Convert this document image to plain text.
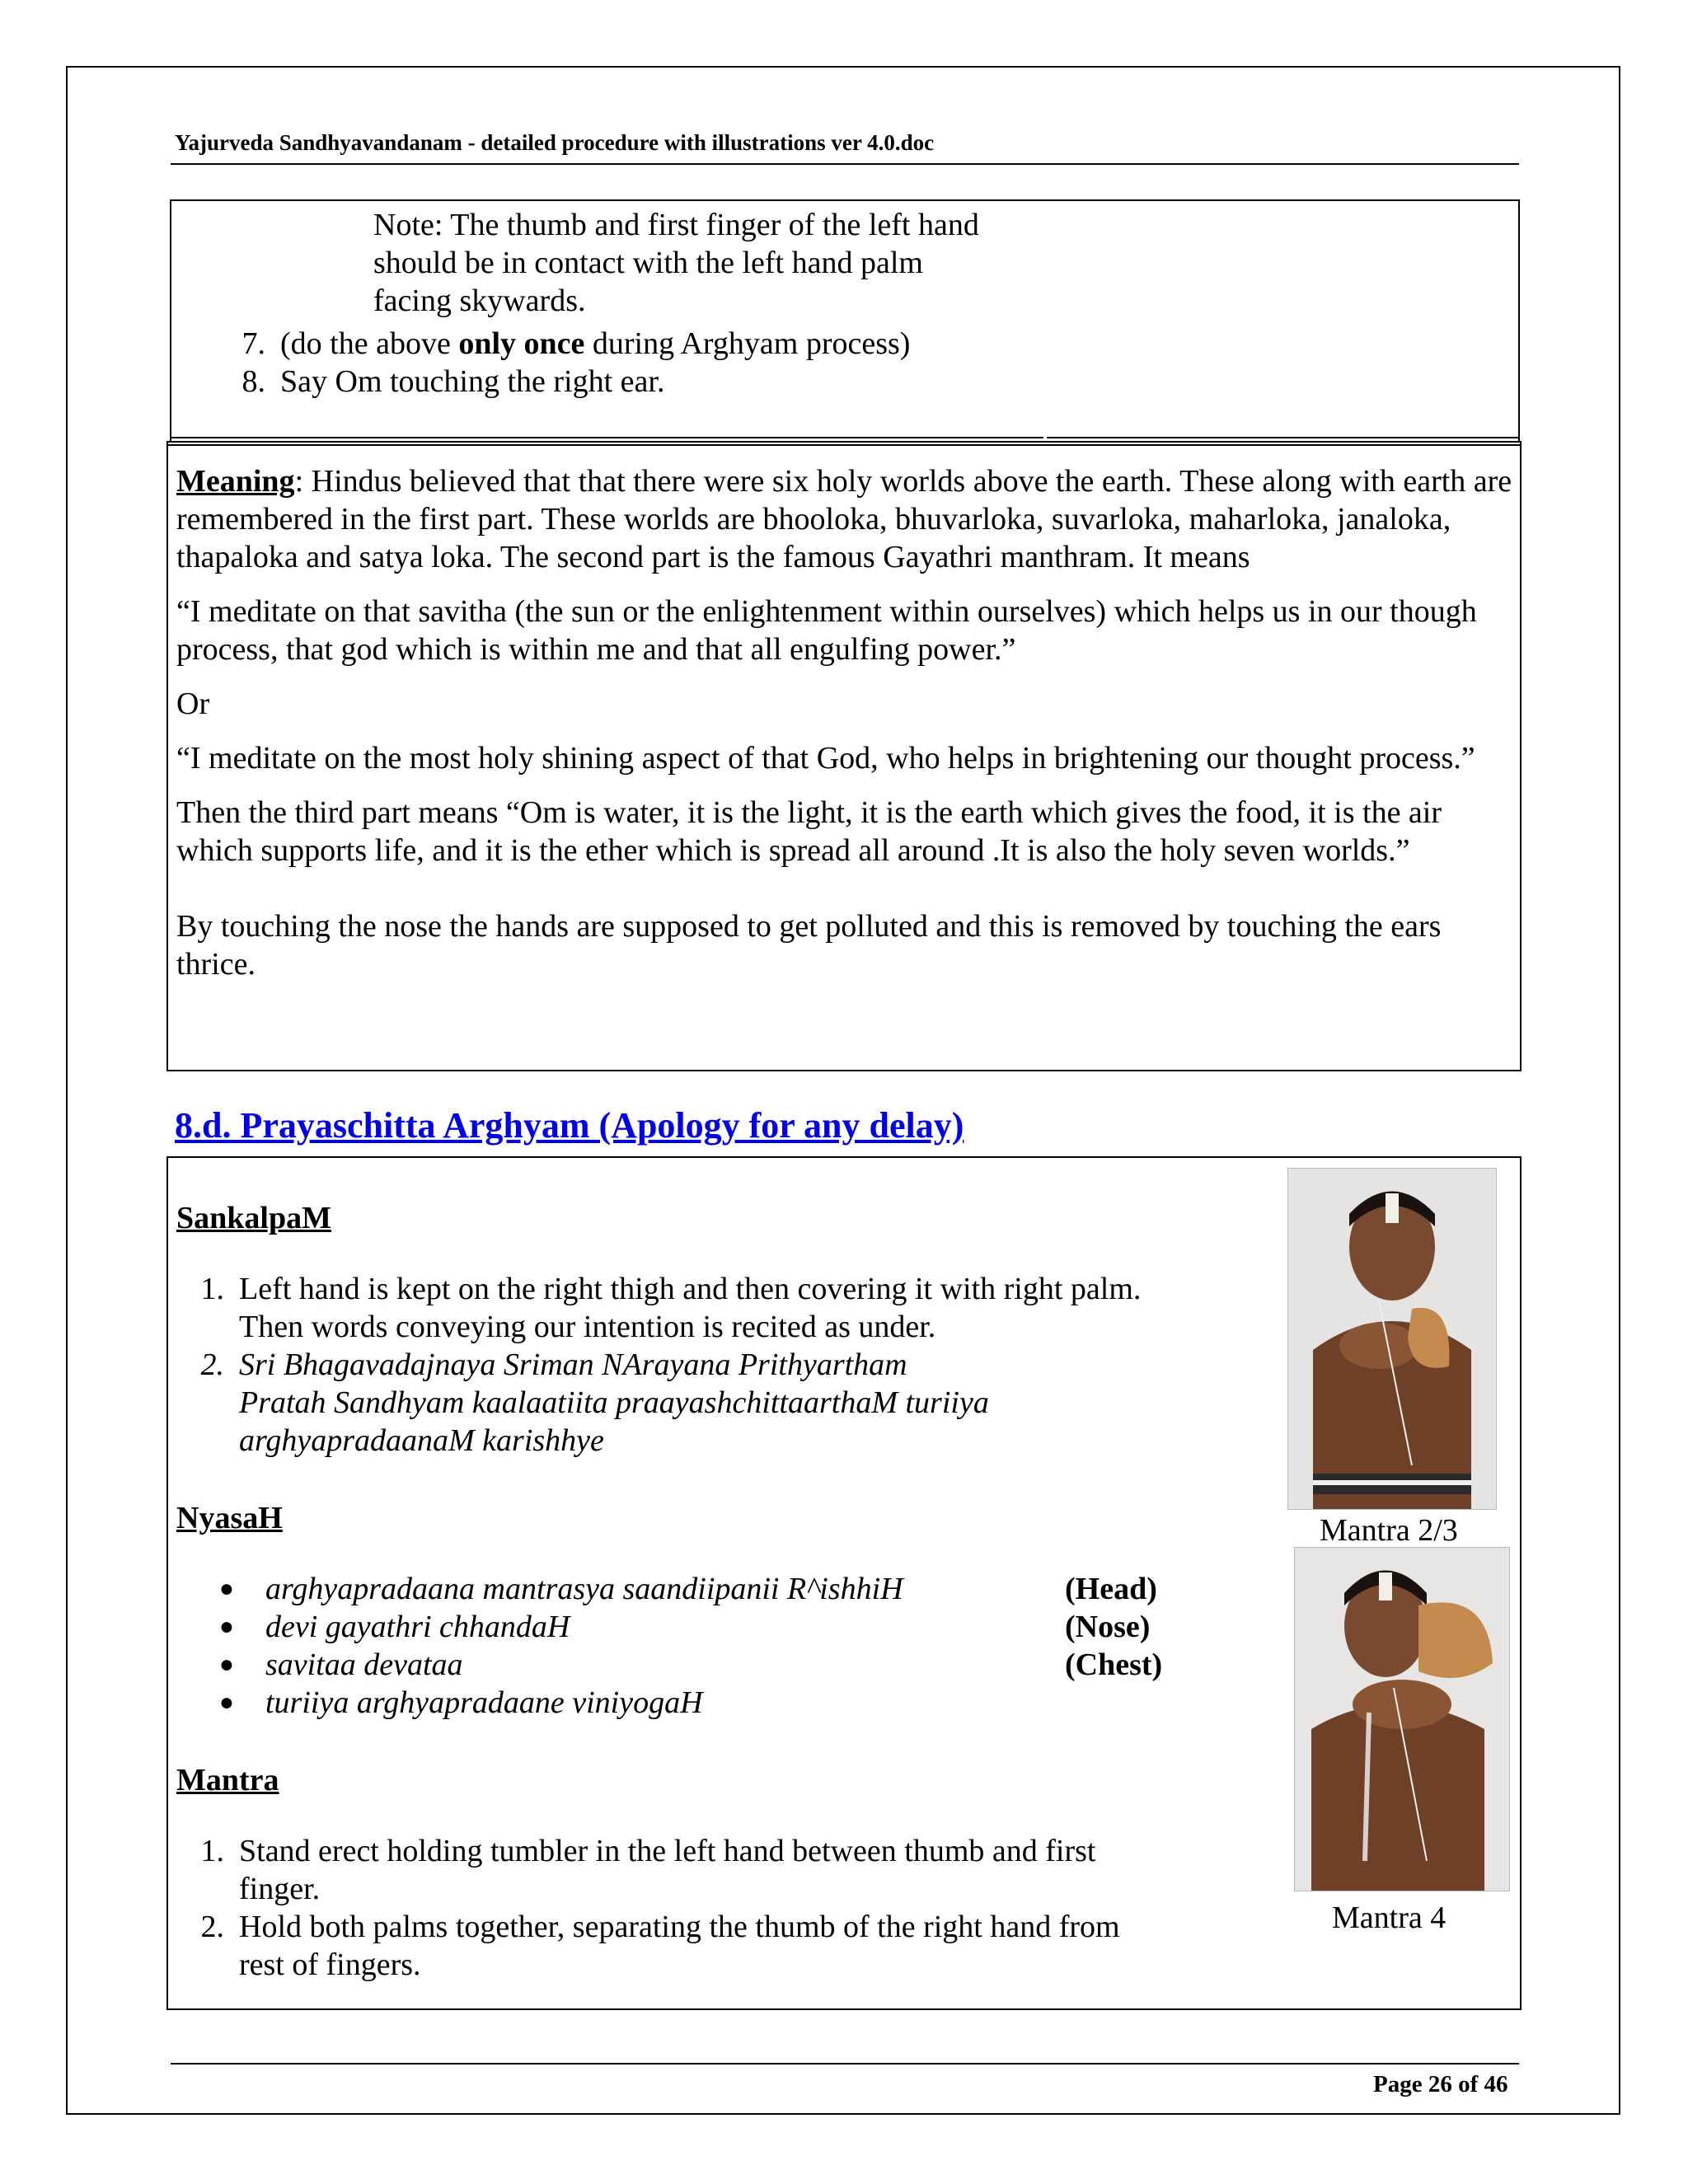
Yajurveda Sandhyavandanam - detailed procedure with illustrations ver 4.0.doc
Note: The thumb and first finger of the left hand
should be in contact with the left hand palm
facing skywards.
7. (do the above only once during Arghyam process)
8. Say Om touching the right ear.

Meaning: Hindus believed that that there were six holy worlds above the earth. These along with earth are remembered in the first part. These worlds are bhooloka, bhuvarloka, suvarloka, maharloka, janaloka, thapaloka and satya loka. The second part is the famous Gayathri manthram. It means

“I meditate on that savitha (the sun or the enlightenment within ourselves) which helps us in our though process, that god which is within me and that all engulfing power.”

Or

“I meditate on the most holy shining aspect of that God, who helps in brightening our thought process.”

Then the third part means “Om is water, it is the light, it is the earth which gives the food, it is the air which supports life, and it is the ether which is spread all around .It is also the holy seven worlds.”

By touching the nose the hands are supposed to get polluted and this is removed by touching the ears thrice.

8.d. Prayaschitta Arghyam (Apology for any delay)
SankalpaM
1. Left hand is kept on the right thigh and then covering it with right palm.
Then words conveying our intention is recited as under.
2. Sri Bhagavadajnaya Sriman NArayana Prithyartham
Pratah Sandhyam kaalaatiita praayashchittaarthaM turiiya
arghyapradaanaM karishhye
NyasaH
●	arghyapradaana mantrasya saandiipanii R^ishhiH	(Head)
●	devi gayathri chhandaH	(Nose)
●	savitaa devataa	(Chest)
●	turiiya arghyapradaane viniyogaH
Mantra
1. Stand erect holding tumbler in the left hand between thumb and first
finger.
2. Hold both palms together, separating the thumb of the right hand from
rest of fingers.
Mantra 2/3
Mantra 4
Page 26 of 46
